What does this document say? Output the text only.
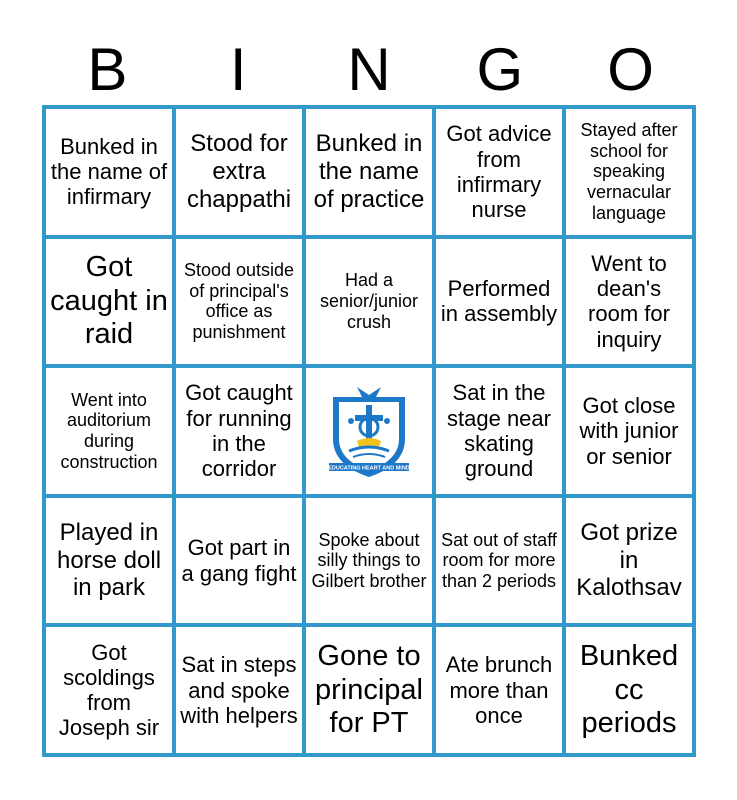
B	I	N	G	O
Bunked in the name of infirmary
Stood for extra chappathi
Bunked in the name of practice
Got advice from infirmary nurse
Stayed after school for speaking vernacular language
Got caught in raid
Stood outside of principal's office as punishment
Had a senior/junior crush
Performed in assembly
Went to dean's room for inquiry
Went into auditorium during construction
Got caught for running in the corridor	EDUCATING HEART AND MIND
Sat in the stage near skating ground
Got close with junior or senior
Played in horse doll in park
Got part in a gang fight
Spoke about silly things to Gilbert brother
Sat out of staff room for more than 2 periods
Got prize in Kalothsav
Got scoldings from Joseph sir
Sat in steps and spoke with helpers
Gone to principal for PT
Ate brunch more than once
Bunked cc periods
